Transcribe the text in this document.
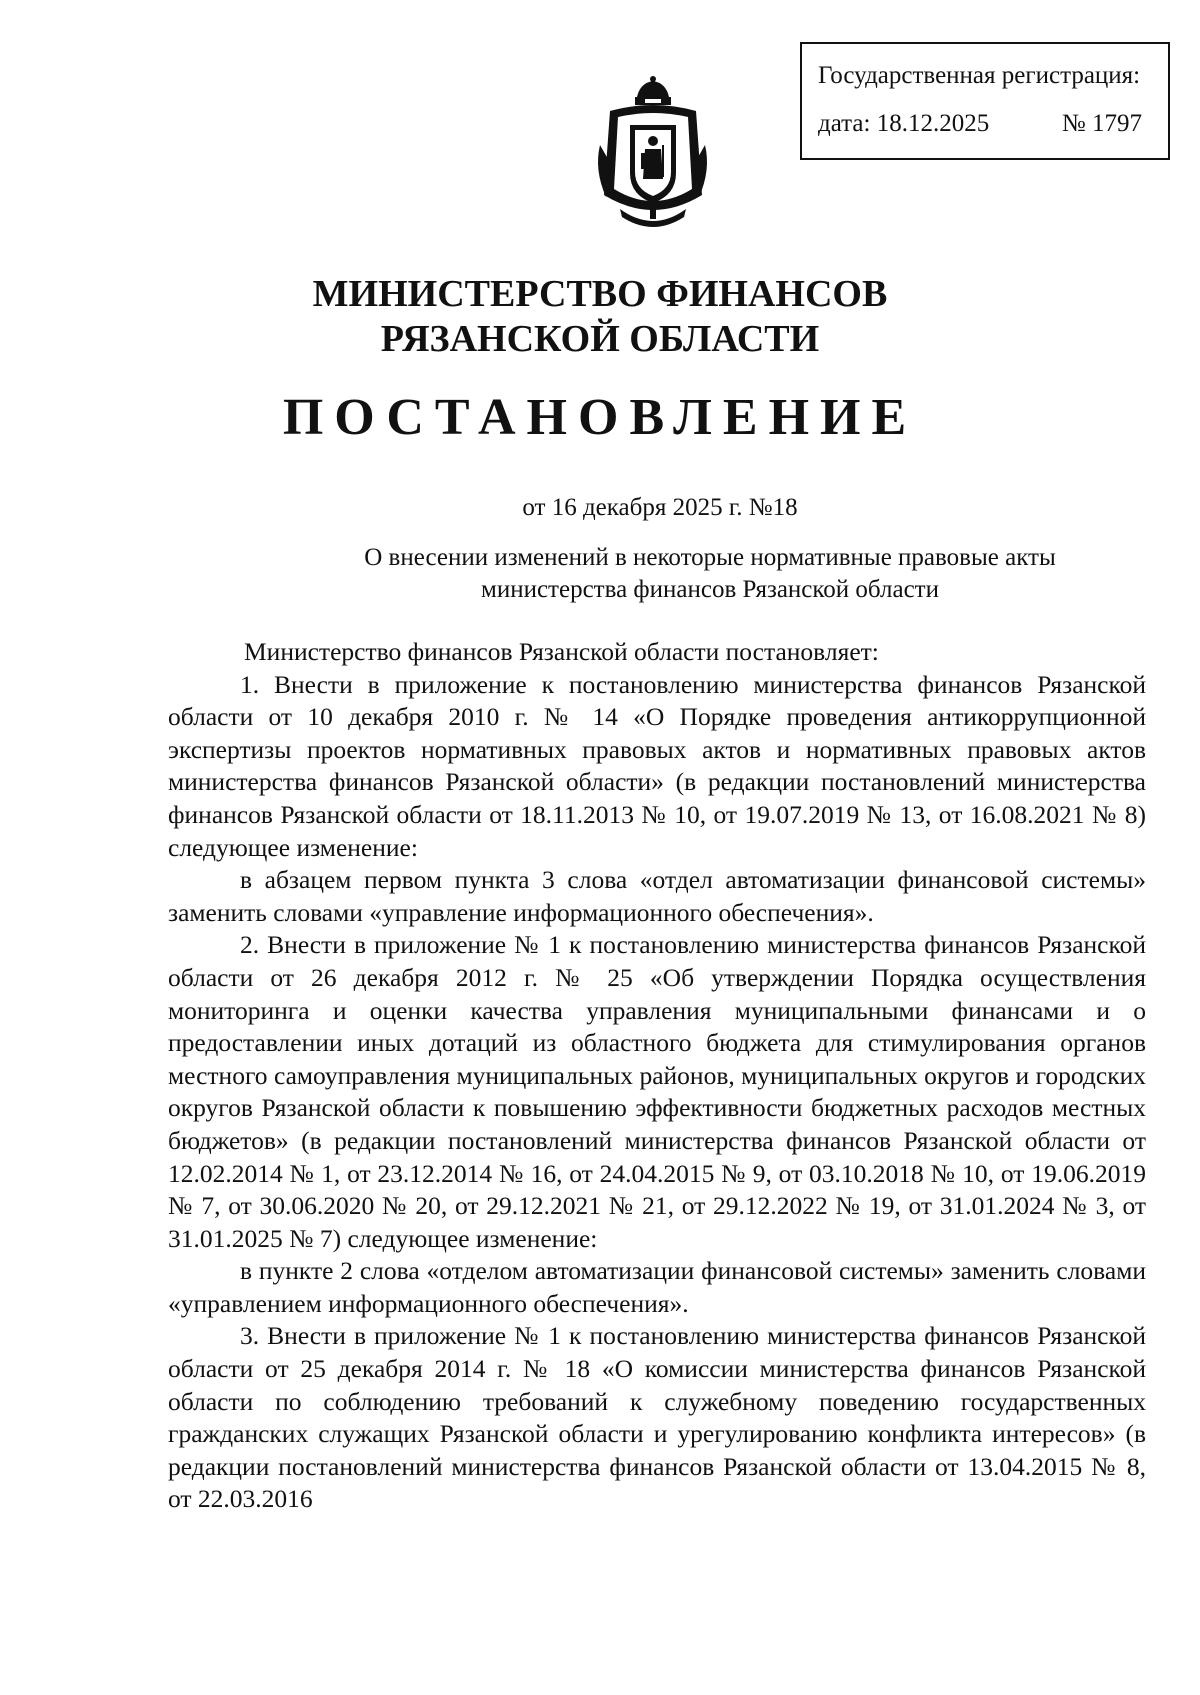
Государственная регистрация:
дата: 18.12.2025	№ 1797
МИНИСТЕРСТВО ФИНАНСОВ
РЯЗАНСКОЙ ОБЛАСТИ
ПОСТАНОВЛЕНИЕ
от 16 декабря 2025 г. №18
О внесении изменений в некоторые нормативные правовые акты
министерства финансов Рязанской области

Министерство финансов Рязанской области постановляет:

1. Внести в приложение к постановлению министерства финансов Рязанской области от 10 декабря 2010 г. № 14 «О Порядке проведения антикоррупционной экспертизы проектов нормативных правовых актов и нормативных правовых актов министерства финансов Рязанской области» (в редакции постановлений министерства финансов Рязанской области от 18.11.2013 № 10, от 19.07.2019 № 13, от 16.08.2021 № 8) следующее изменение:

в абзацем первом пункта 3 слова «отдел автоматизации финансовой системы» заменить словами «управление информационного обеспечения».

2. Внести в приложение № 1 к постановлению министерства финансов Рязанской области от 26 декабря 2012 г. № 25 «Об утверждении Порядка осуществления мониторинга и оценки качества управления муниципальными финансами и о предоставлении иных дотаций из областного бюджета для стимулирования органов местного самоуправления муниципальных районов, муниципальных округов и городских округов Рязанской области к повышению эффективности бюджетных расходов местных бюджетов» (в редакции постановлений министерства финансов Рязанской области от 12.02.2014 № 1, от 23.12.2014 № 16, от 24.04.2015 № 9, от 03.10.2018 № 10, от 19.06.2019 № 7, от 30.06.2020 № 20, от 29.12.2021 № 21, от 29.12.2022 № 19, от 31.01.2024 № 3, от 31.01.2025 № 7) следующее изменение:

в пункте 2 слова «отделом автоматизации финансовой системы» заменить словами «управлением информационного обеспечения».

3. Внести в приложение № 1 к постановлению министерства финансов Рязанской области от 25 декабря 2014 г. № 18 «О комиссии министерства финансов Рязанской области по соблюдению требований к служебному поведению государственных гражданских служащих Рязанской области и урегулированию конфликта интересов» (в редакции постановлений министерства финансов Рязанской области от 13.04.2015 № 8, от 22.03.2016
